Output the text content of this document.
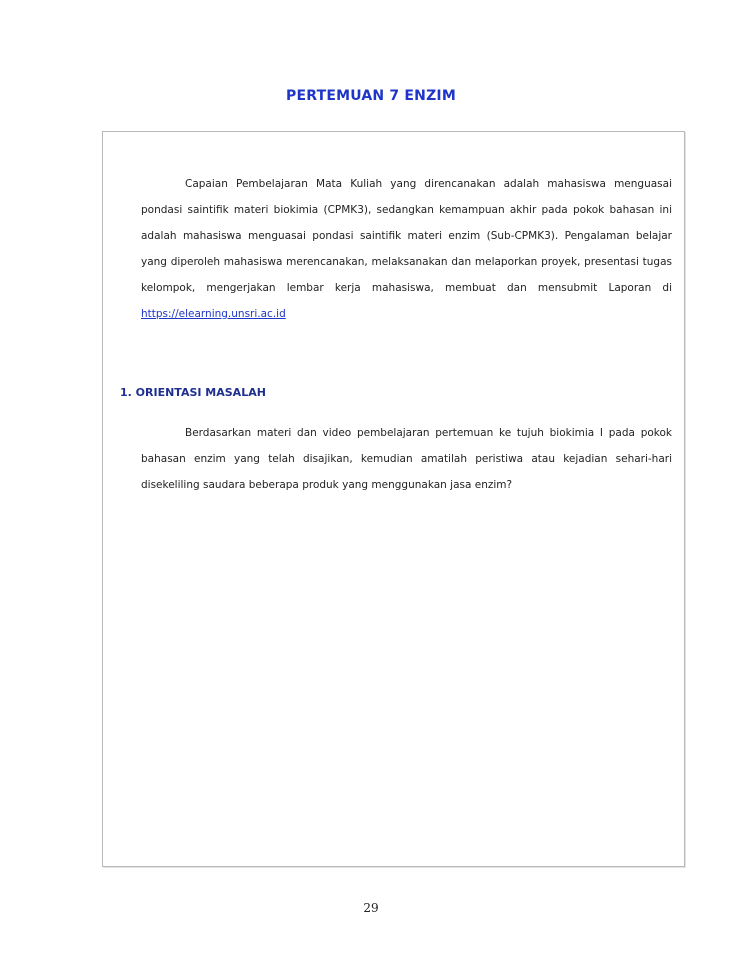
PERTEMUAN 7 ENZIM

Capaian Pembelajaran Mata Kuliah yang direncanakan adalah mahasiswa menguasai pondasi saintifik materi biokimia (CPMK3), sedangkan kemampuan akhir pada pokok bahasan ini adalah mahasiswa menguasai pondasi saintifik materi enzim (Sub-CPMK3). Pengalaman belajar yang diperoleh mahasiswa merencanakan, melaksanakan dan melaporkan proyek, presentasi tugas kelompok, mengerjakan lembar kerja mahasiswa, membuat dan mensubmit Laporan di https://elearning.unsri.ac.id

1. ORIENTASI MASALAH

Berdasarkan materi dan video pembelajaran pertemuan ke tujuh biokimia I pada pokok bahasan enzim yang telah disajikan, kemudian amatilah peristiwa atau kejadian sehari-hari disekeliling saudara beberapa produk yang menggunakan jasa enzim?

29
